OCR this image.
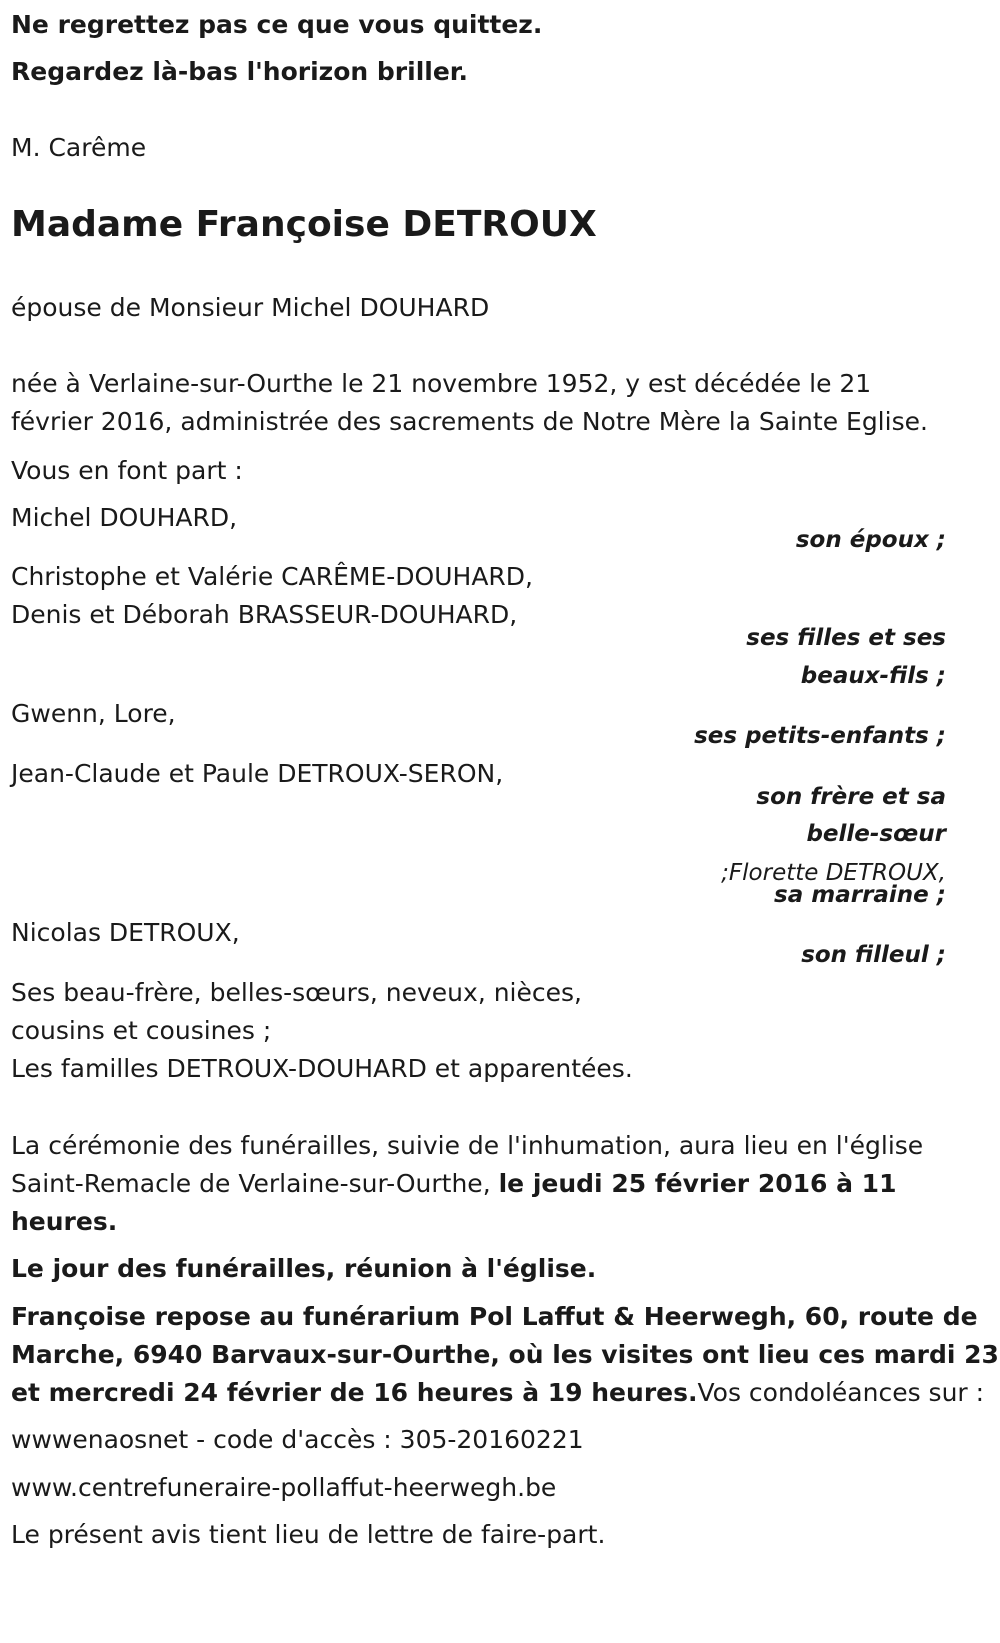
Ne regrettez pas ce que vous quittez.
Regardez là-bas l'horizon briller.
M. Carême
Madame Françoise DETROUX
épouse de Monsieur Michel DOUHARD
née à Verlaine-sur-Ourthe le 21 novembre 1952, y est décédée le 21
février 2016, administrée des sacrements de Notre Mère la Sainte Eglise.
Vous en font part :
Michel DOUHARD,
son époux ;
Christophe et Valérie CARÊME-DOUHARD,
Denis et Déborah BRASSEUR-DOUHARD,
ses filles et ses
beaux-fils ;
Gwenn, Lore,
ses petits-enfants ;
Jean-Claude et Paule DETROUX-SERON,
son frère et sa
belle-sœur
;Florette DETROUX,
sa marraine ;
Nicolas DETROUX,
son filleul ;
Ses beau-frère, belles-sœurs, neveux, nièces,
cousins et cousines ;
Les familles DETROUX-DOUHARD et apparentées.
La cérémonie des funérailles, suivie de l'inhumation, aura lieu en l'église
Saint-Remacle de Verlaine-sur-Ourthe, le jeudi 25 février 2016 à 11
heures.
Le jour des funérailles, réunion à l'église.
Françoise repose au funérarium Pol Laffut & Heerwegh, 60, route de
Marche, 6940 Barvaux-sur-Ourthe, où les visites ont lieu ces mardi 23
et mercredi 24 février de 16 heures à 19 heures.Vos condoléances sur :
wwwenaosnet - code d'accès : 305-20160221
www.centrefuneraire-pollaffut-heerwegh.be
Le présent avis tient lieu de lettre de faire-part.
